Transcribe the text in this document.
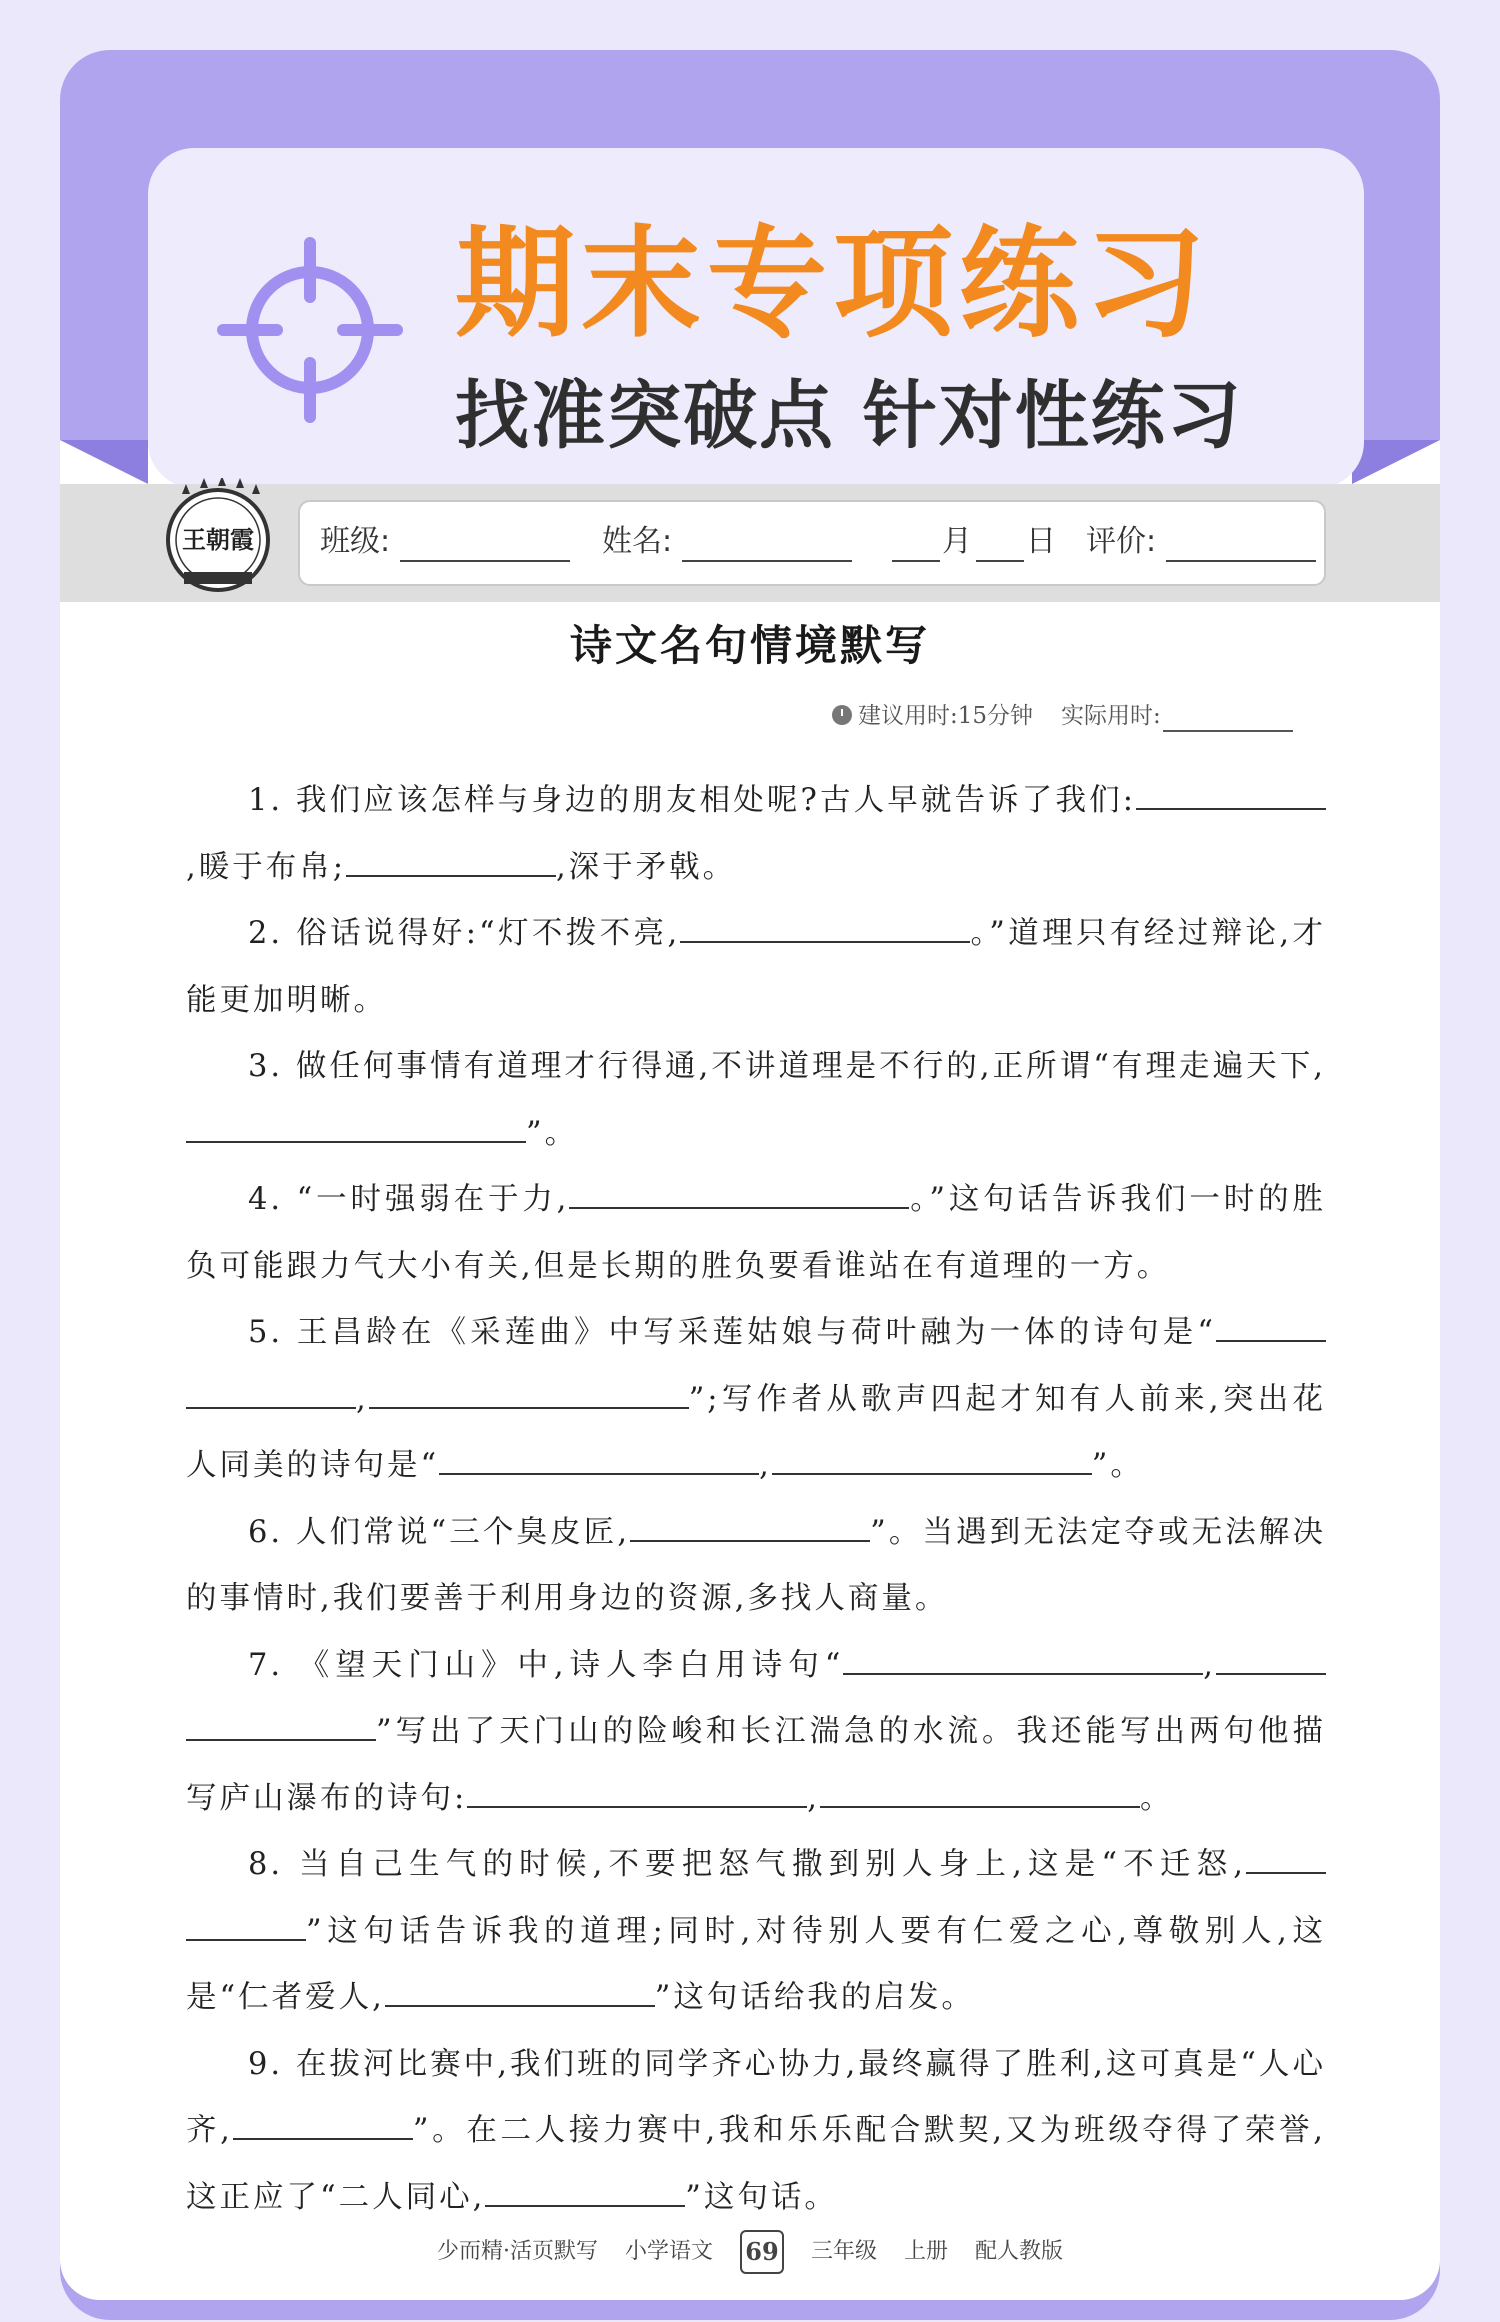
期末专项练习
找准突破点 针对性练习
王朝霞 班级:	姓名:	月 日 评价:
诗文名句情境默写
建议用时:15分钟 实际用时:

1. 我们应该怎样与身边的朋友相处呢?古人早就告诉了我们:,暖于布帛;	,深于矛戟。

2. 俗话说得好:“灯不拨不亮,	。”道理只有经过辩论,才能更加明晰。

3. 做任何事情有道理才行得通,不讲道理是不行的,正所谓“有理走遍天下,”。

4. “一时强弱在于力,	。”这句话告诉我们一时的胜负可能跟力气大小有关,但是长期的胜负要看谁站在有道理的一方。

5. 王昌龄在《采莲曲》中写采莲姑娘与荷叶融为一体的诗句是“,	”;写作者从歌声四起才知有人前来,突出花人同美的诗句是“	,	”。

6. 人们常说“三个臭皮匠,	”。当遇到无法定夺或无法解决的事情时,我们要善于利用身边的资源,多找人商量。

7. 《望天门山》中,诗人李白用诗句“	,”写出了天门山的险峻和长江湍急的水流。我还能写出两句他描写庐山瀑布的诗句:	,	。

8. 当自己生气的时候,不要把怒气撒到别人身上,这是“不迁怒,”这句话告诉我的道理;同时,对待别人要有仁爱之心,尊敬别人,这是“仁者爱人,	”这句话给我的启发。

9. 在拔河比赛中,我们班的同学齐心协力,最终赢得了胜利,这可真是“人心齐,	”。在二人接力赛中,我和乐乐配合默契,又为班级夺得了荣誉,这正应了“二人同心,	”这句话。

少而精·活页默写 小学语文 69 三年级 上册 配人教版
